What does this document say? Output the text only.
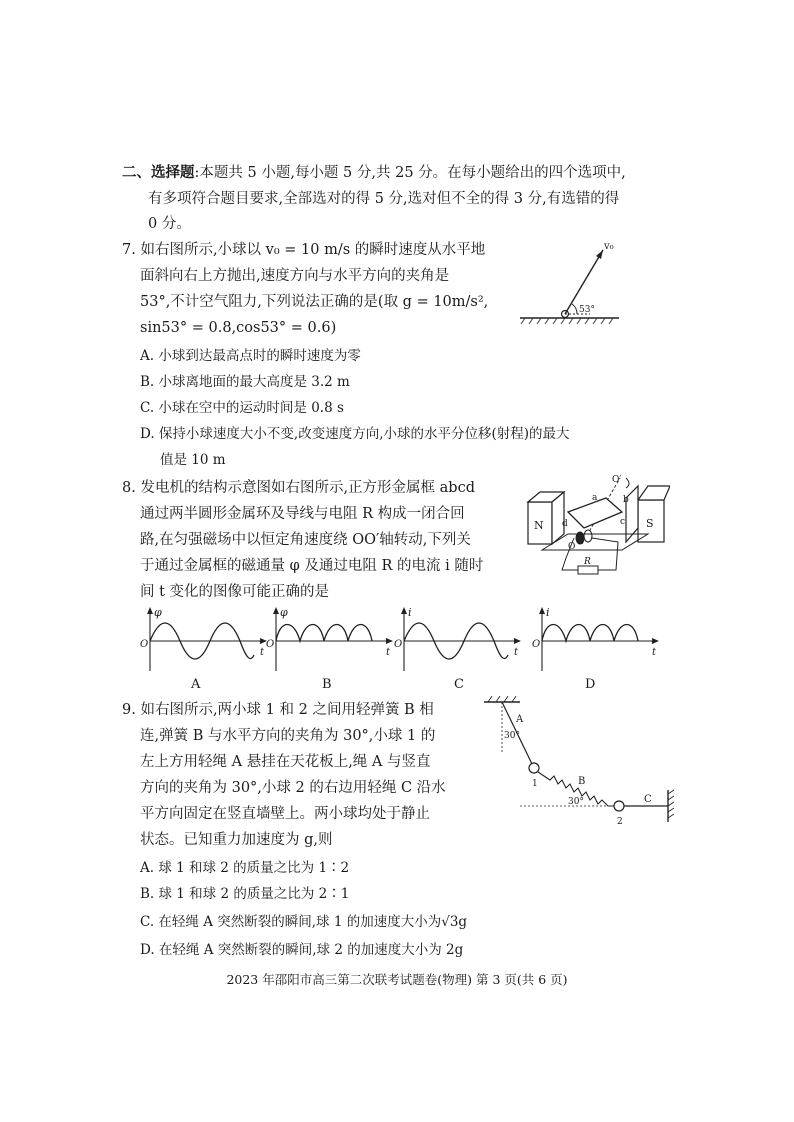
二、选择题:本题共 5 小题,每小题 5 分,共 25 分。在每小题给出的四个选项中,
有多项符合题目要求,全部选对的得 5 分,选对但不全的得 3 分,有选错的得
0 分。
7. 如右图所示,小球以 v₀ = 10 m/s 的瞬时速度从水平地
面斜向右上方抛出,速度方向与水平方向的夹角是
53°,不计空气阻力,下列说法正确的是(取 g = 10m/s²,
sin53° = 0.8,cos53° = 0.6)
A. 小球到达最高点时的瞬时速度为零
B. 小球离地面的最大高度是 3.2 m
C. 小球在空中的运动时间是 0.8 s
D. 保持小球速度大小不变,改变速度方向,小球的水平分位移(射程)的最大
值是 10 m
v₀
53°
8. 发电机的结构示意图如右图所示,正方形金属框 abcd
通过两半圆形金属环及导线与电阻 R 构成一闭合回
路,在匀强磁场中以恒定角速度绕 OO′轴转动,下列关
于通过金属框的磁通量 φ 及通过电阻 R 的电流 i 随时
间 t 变化的图像可能正确的是
N	S
a	b
c
d
O′
O
R
φ
O
t
φ
O
t
i
O
t
i
O
t
A	B	C	D
9. 如右图所示,两小球 1 和 2 之间用轻弹簧 B 相
连,弹簧 B 与水平方向的夹角为 30°,小球 1 的
左上方用轻绳 A 悬挂在天花板上,绳 A 与竖直
方向的夹角为 30°,小球 2 的右边用轻绳 C 沿水
平方向固定在竖直墙壁上。两小球均处于静止
状态。已知重力加速度为 g,则
A. 球 1 和球 2 的质量之比为 1∶2
B. 球 1 和球 2 的质量之比为 2∶1
C. 在轻绳 A 突然断裂的瞬间,球 1 的加速度大小为√3g
D. 在轻绳 A 突然断裂的瞬间,球 2 的加速度大小为 2g
A
30°
1	B
30°
2
C
2023 年邵阳市高三第二次联考试题卷(物理) 第 3 页(共 6 页)
